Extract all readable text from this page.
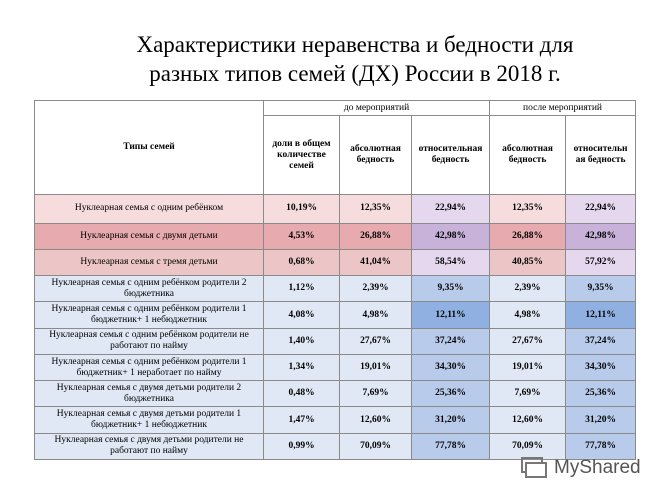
Характеристики неравенства и бедности для
разных типов семей (ДХ) России в 2018 г.
Типы семей	до мероприятий			после мероприятий	
	доли в общем количестве семей	абсолютная бедность	относительная бедность	абсолютная бедность	относительн ая бедность
Нуклеарная семья с одним ребёнком	10,19%	12,35%	22,94%	12,35%	22,94%
Нуклеарная семья с двумя детьми	4,53%	26,88%	42,98%	26,88%	42,98%
Нуклеарная семья с тремя детьми	0,68%	41,04%	58,54%	40,85%	57,92%
Нуклеарная семья с одним ребёнком родители 2 бюджетника	1,12%	2,39%	9,35%	2,39%	9,35%
Нуклеарная семья с одним ребёнком родители 1 бюджетник+ 1 небюджетник	4,08%	4,98%	12,11%	4,98%	12,11%
Нуклеарная семья с одним ребёнком родители не работают по найму	1,40%	27,67%	37,24%	27,67%	37,24%
Нуклеарная семья с одним ребёнком родители 1 бюджетник+ 1 неработает по найму	1,34%	19,01%	34,30%	19,01%	34,30%
Нуклеарная семья с двумя детьми родители 2 бюджетника	0,48%	7,69%	25,36%	7,69%	25,36%
Нуклеарная семья с двумя детьми родители 1 бюджетник+ 1 небюджетник	1,47%	12,60%	31,20%	12,60%	31,20%
Нуклеарная семья с двумя детьми родители не работают по найму	0,99%	70,09%	77,78%	70,09%	77,78%
MyShared
